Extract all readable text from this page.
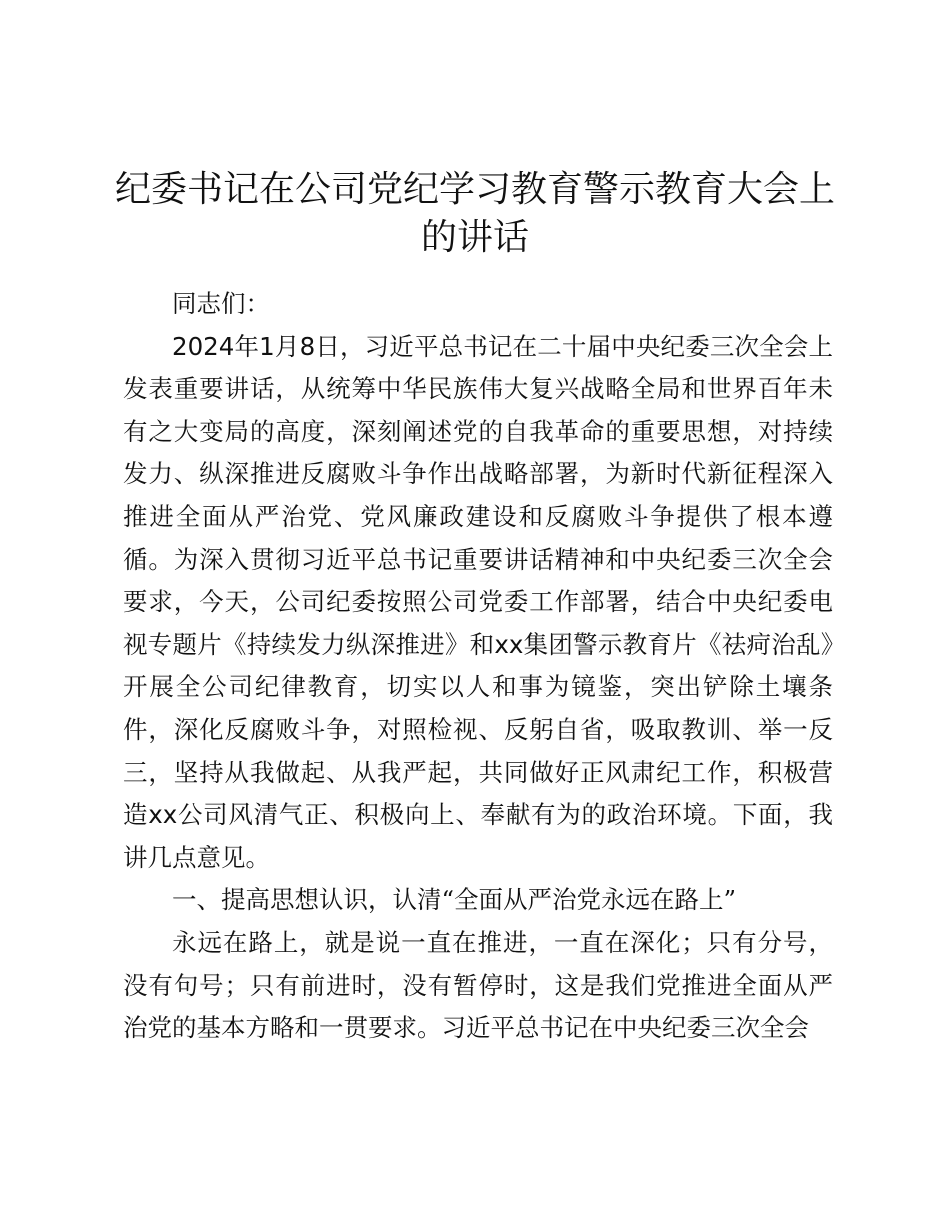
纪委书记在公司党纪学习教育警示教育大会上的讲话

同志们：

2024年1月8日，习近平总书记在二十届中央纪委三次全会上发表重要讲话，从统筹中华民族伟大复兴战略全局和世界百年未有之大变局的高度，深刻阐述党的自我革命的重要思想，对持续发力、纵深推进反腐败斗争作出战略部署，为新时代新征程深入推进全面从严治党、党风廉政建设和反腐败斗争提供了根本遵循。为深入贯彻习近平总书记重要讲话精神和中央纪委三次全会要求，今天，公司纪委按照公司党委工作部署，结合中央纪委电视专题片《持续发力纵深推进》和xx集团警示教育片《祛疴治乱》开展全公司纪律教育，切实以人和事为镜鉴，突出铲除土壤条件，深化反腐败斗争，对照检视、反躬自省，吸取教训、举一反三，坚持从我做起、从我严起，共同做好正风肃纪工作，积极营造xx公司风清气正、积极向上、奉献有为的政治环境。下面，我讲几点意见。

一、提高思想认识，认清“全面从严治党永远在路上”

永远在路上，就是说一直在推进，一直在深化；只有分号，没有句号；只有前进时，没有暂停时，这是我们党推进全面从严治党的基本方略和一贯要求。习近平总书记在中央纪委三次全会
